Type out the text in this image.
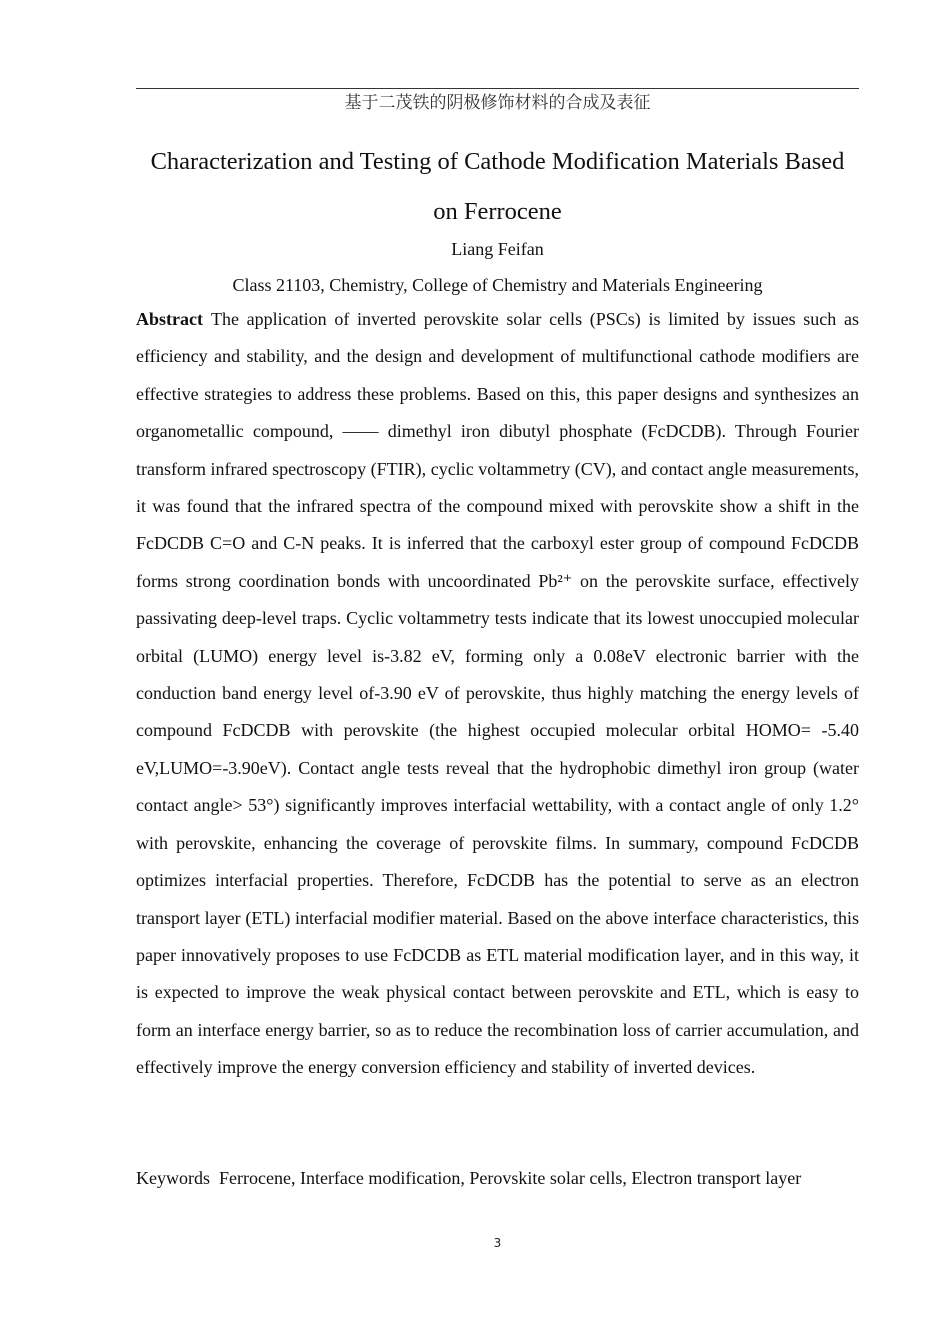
基于二茂铁的阴极修饰材料的合成及表征
Characterization and Testing of Cathode Modification Materials Based on Ferrocene
Liang Feifan
Class 21103, Chemistry, College of Chemistry and Materials Engineering

Abstract The application of inverted perovskite solar cells (PSCs) is limited by issues such as efficiency and stability, and the design and development of multifunctional cathode modifiers are effective strategies to address these problems. Based on this, this paper designs and synthesizes an organometallic compound, —— dimethyl iron dibutyl phosphate (FcDCDB). Through Fourier transform infrared spectroscopy (FTIR), cyclic voltammetry (CV), and contact angle measurements, it was found that the infrared spectra of the compound mixed with perovskite show a shift in the FcDCDB C=O and C-N peaks. It is inferred that the carboxyl ester group of compound FcDCDB forms strong coordination bonds with uncoordinated Pb²⁺ on the perovskite surface, effectively passivating deep-level traps. Cyclic voltammetry tests indicate that its lowest unoccupied molecular orbital (LUMO) energy level is-3.82 eV, forming only a 0.08eV electronic barrier with the conduction band energy level of-3.90 eV of perovskite, thus highly matching the energy levels of compound FcDCDB with perovskite (the highest occupied molecular orbital HOMO= -5.40 eV,LUMO=-3.90eV). Contact angle tests reveal that the hydrophobic dimethyl iron group (water contact angle> 53°) significantly improves interfacial wettability, with a contact angle of only 1.2° with perovskite, enhancing the coverage of perovskite films. In summary, compound FcDCDB optimizes interfacial properties. Therefore, FcDCDB has the potential to serve as an electron transport layer (ETL) interfacial modifier material. Based on the above interface characteristics, this paper innovatively proposes to use FcDCDB as ETL material modification layer, and in this way, it is expected to improve the weak physical contact between perovskite and ETL, which is easy to form an interface energy barrier, so as to reduce the recombination loss of carrier accumulation, and effectively improve the energy conversion efficiency and stability of inverted devices.

Keywords Ferrocene, Interface modification, Perovskite solar cells, Electron transport layer
3
